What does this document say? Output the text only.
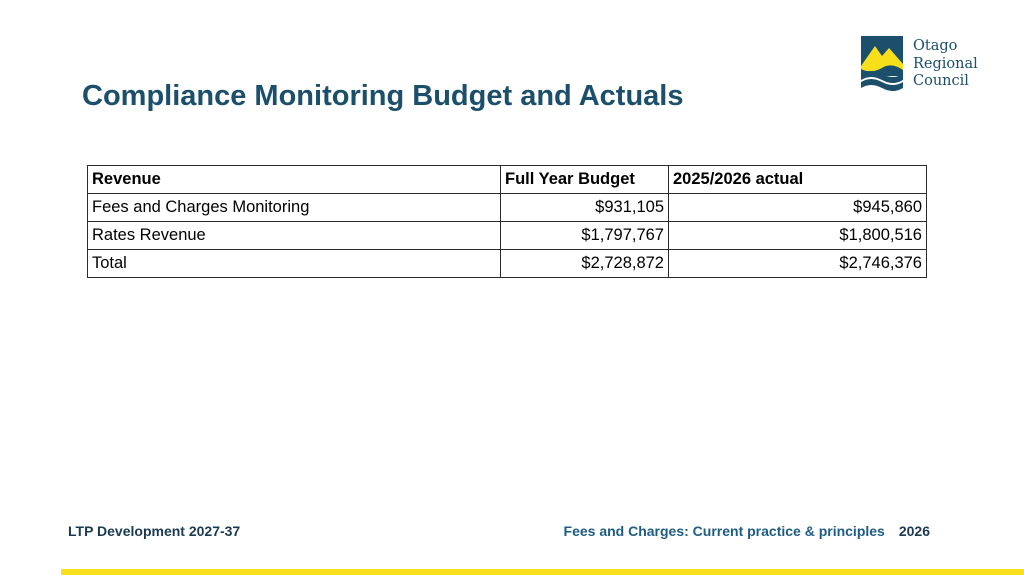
Compliance Monitoring Budget and Actuals
Otago
Regional
Council
Revenue	Full Year Budget	2025/2026 actual
Fees and Charges Monitoring	$931,105	$945,860
Rates Revenue	$1,797,767	$1,800,516
Total	$2,728,872	$2,746,376
LTP Development 2027-37	Fees and Charges: Current practice & principles 2026
